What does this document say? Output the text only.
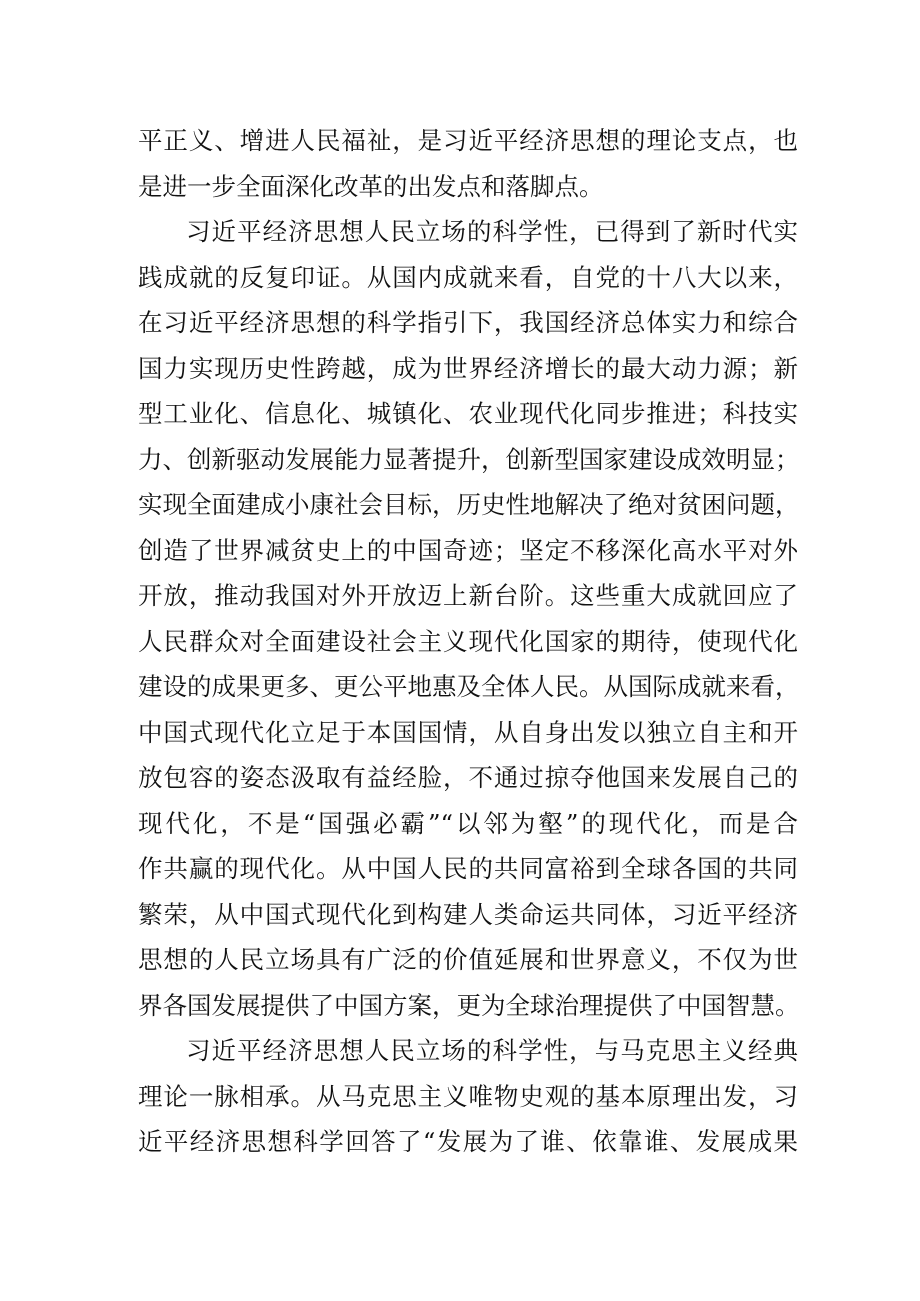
平正义、增进人民福祉，是习近平经济思想的理论支点，也
是进一步全面深化改革的出发点和落脚点。
习近平经济思想人民立场的科学性，已得到了新时代实
践成就的反复印证。从国内成就来看，自党的十八大以来，
在习近平经济思想的科学指引下，我国经济总体实力和综合
国力实现历史性跨越，成为世界经济增长的最大动力源；新
型工业化、信息化、城镇化、农业现代化同步推进；科技实
力、创新驱动发展能力显著提升，创新型国家建设成效明显；
实现全面建成小康社会目标，历史性地解决了绝对贫困问题，
创造了世界减贫史上的中国奇迹；坚定不移深化高水平对外
开放，推动我国对外开放迈上新台阶。这些重大成就回应了
人民群众对全面建设社会主义现代化国家的期待，使现代化
建设的成果更多、更公平地惠及全体人民。从国际成就来看，
中国式现代化立足于本国国情，从自身出发以独立自主和开
放包容的姿态汲取有益经脸，不通过掠夺他国来发展自己的
现代化，不是“国强必霸”“以邻为壑”的现代化，而是合
作共赢的现代化。从中国人民的共同富裕到全球各国的共同
繁荣，从中国式现代化到构建人类命运共同体，习近平经济
思想的人民立场具有广泛的价值延展和世界意义，不仅为世
界各国发展提供了中国方案，更为全球治理提供了中国智慧。
习近平经济思想人民立场的科学性，与马克思主义经典
理论一脉相承。从马克思主义唯物史观的基本原理出发，习
近平经济思想科学回答了“发展为了谁、依靠谁、发展成果
